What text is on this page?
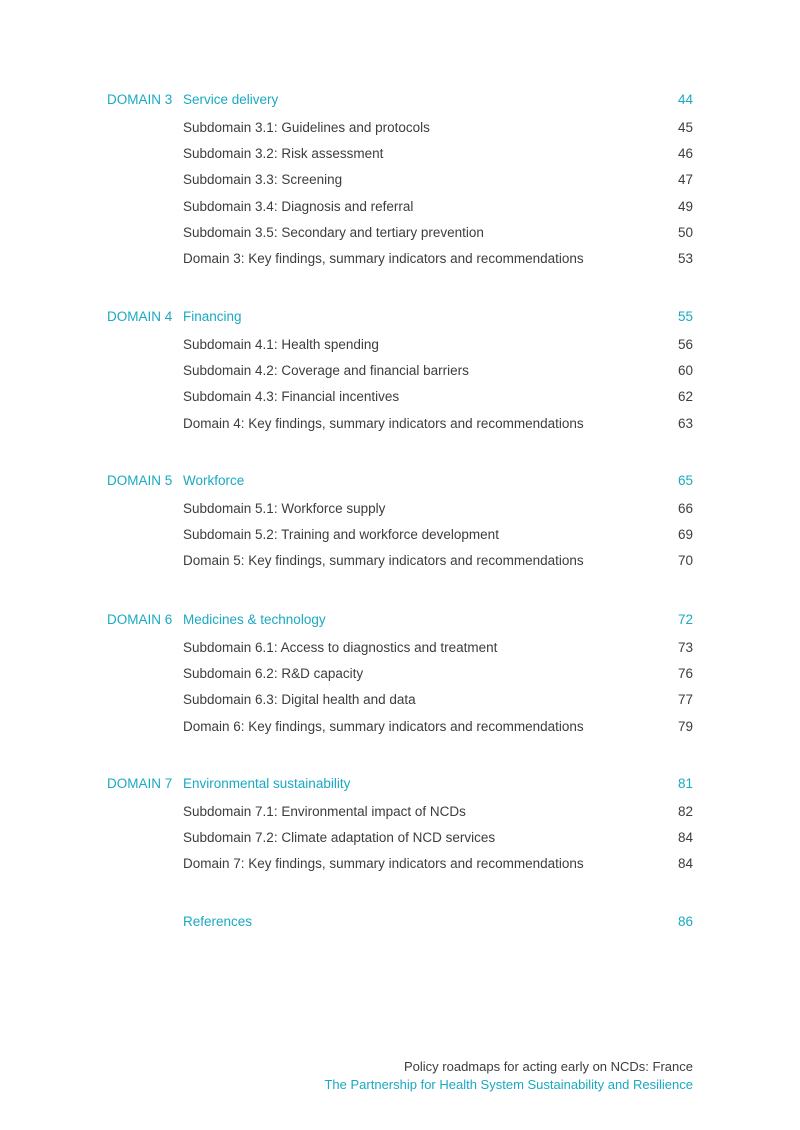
DOMAIN 3 Service delivery	44
Subdomain 3.1: Guidelines and protocols	45
Subdomain 3.2: Risk assessment	46
Subdomain 3.3: Screening	47
Subdomain 3.4: Diagnosis and referral	49
Subdomain 3.5: Secondary and tertiary prevention	50
Domain 3: Key findings, summary indicators and recommendations	53
DOMAIN 4 Financing	55
Subdomain 4.1: Health spending	56
Subdomain 4.2: Coverage and financial barriers	60
Subdomain 4.3: Financial incentives	62
Domain 4: Key findings, summary indicators and recommendations	63
DOMAIN 5 Workforce	65
Subdomain 5.1: Workforce supply	66
Subdomain 5.2: Training and workforce development	69
Domain 5: Key findings, summary indicators and recommendations	70
DOMAIN 6 Medicines & technology	72
Subdomain 6.1: Access to diagnostics and treatment	73
Subdomain 6.2: R&D capacity	76
Subdomain 6.3: Digital health and data	77
Domain 6: Key findings, summary indicators and recommendations	79
DOMAIN 7 Environmental sustainability	81
Subdomain 7.1: Environmental impact of NCDs	82
Subdomain 7.2: Climate adaptation of NCD services	84
Domain 7: Key findings, summary indicators and recommendations	84
References	86
Policy roadmaps for acting early on NCDs: France
The Partnership for Health System Sustainability and Resilience
